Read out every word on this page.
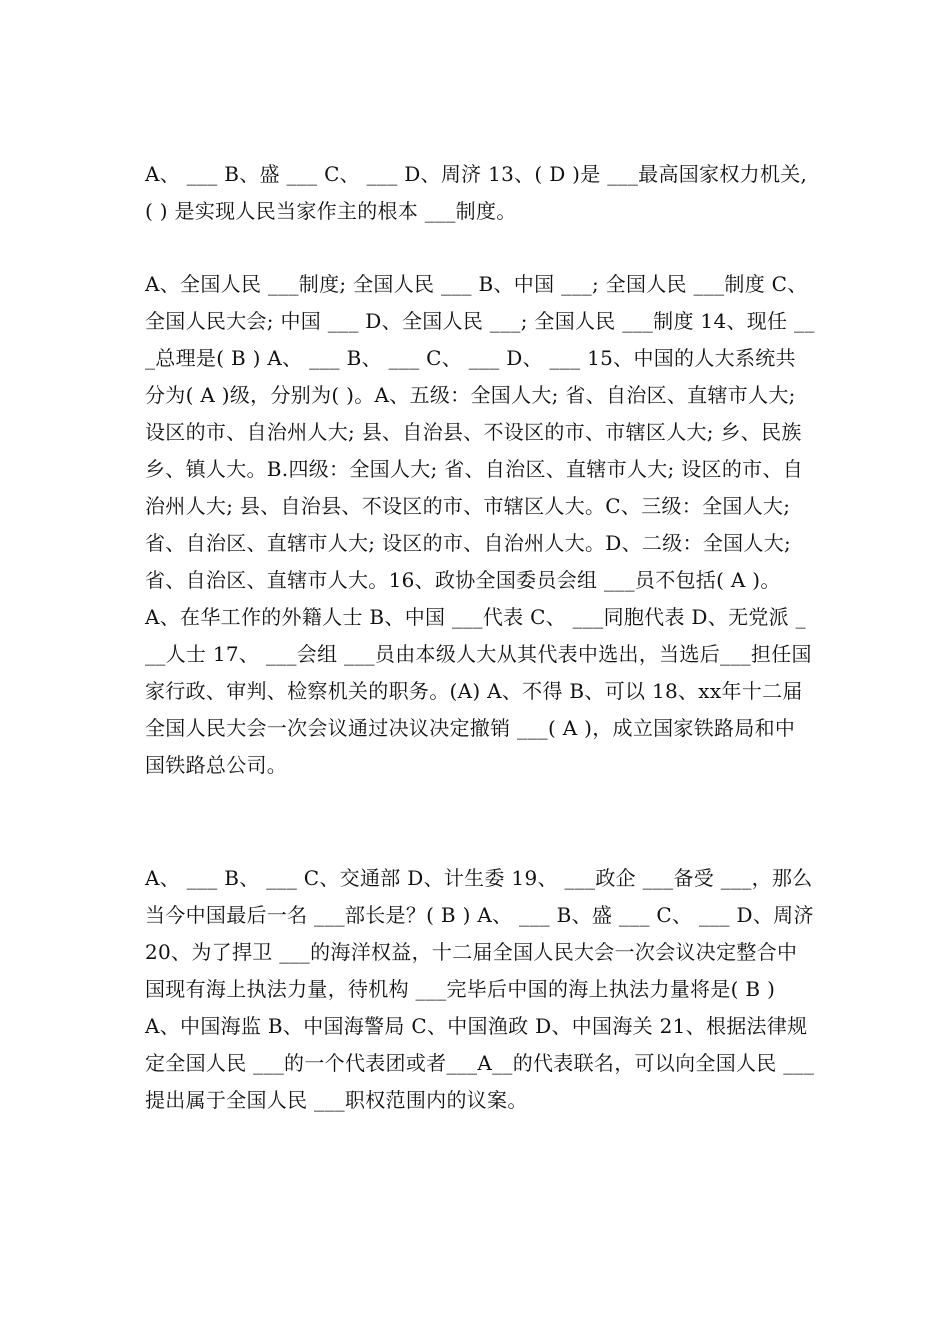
A、 ___ B、盛 ___ C、 ___ D、周济 13、( D )是 ___最高国家权力机关, ( ) 是实现人民当家作主的根本 ___制度。

A、全国人民 ___制度; 全国人民 ___ B、中国 ___; 全国人民 ___制度 C、全国人民大会; 中国 ___ D、全国人民 ___; 全国人民 ___制度 14、现任 ___总理是( B ) A、 ___ B、 ___ C、 ___ D、 ___ 15、中国的人大系统共分为( A )级，分别为( )。A、五级：全国人大; 省、自治区、直辖市人大; 设区的市、自治州人大; 县、自治县、不设区的市、市辖区人大; 乡、民族乡、镇人大。B.四级：全国人大; 省、自治区、直辖市人大; 设区的市、自治州人大; 县、自治县、不设区的市、市辖区人大。C、三级：全国人大; 省、自治区、直辖市人大; 设区的市、自治州人大。D、二级：全国人大; 省、自治区、直辖市人大。16、政协全国委员会组 ___员不包括( A )。A、在华工作的外籍人士 B、中国 ___代表 C、 ___同胞代表 D、无党派 ___人士 17、 ___会组 ___员由本级人大从其代表中选出，当选后___担任国家行政、审判、检察机关的职务。(A) A、不得 B、可以 18、xx年十二届全国人民大会一次会议通过决议决定撤销 ___( A )，成立国家铁路局和中国铁路总公司。

A、 ___ B、 ___ C、交通部 D、计生委 19、 ___政企 ___备受 ___，那么当今中国最后一名 ___部长是？( B ) A、 ___ B、盛 ___ C、 ___ D、周济 20、为了捍卫 ___的海洋权益，十二届全国人民大会一次会议决定整合中国现有海上执法力量，待机构 ___完毕后中国的海上执法力量将是( B ) A、中国海监 B、中国海警局 C、中国渔政 D、中国海关 21、根据法律规定全国人民 ___的一个代表团或者___A__的代表联名，可以向全国人民 ___提出属于全国人民 ___职权范围内的议案。
